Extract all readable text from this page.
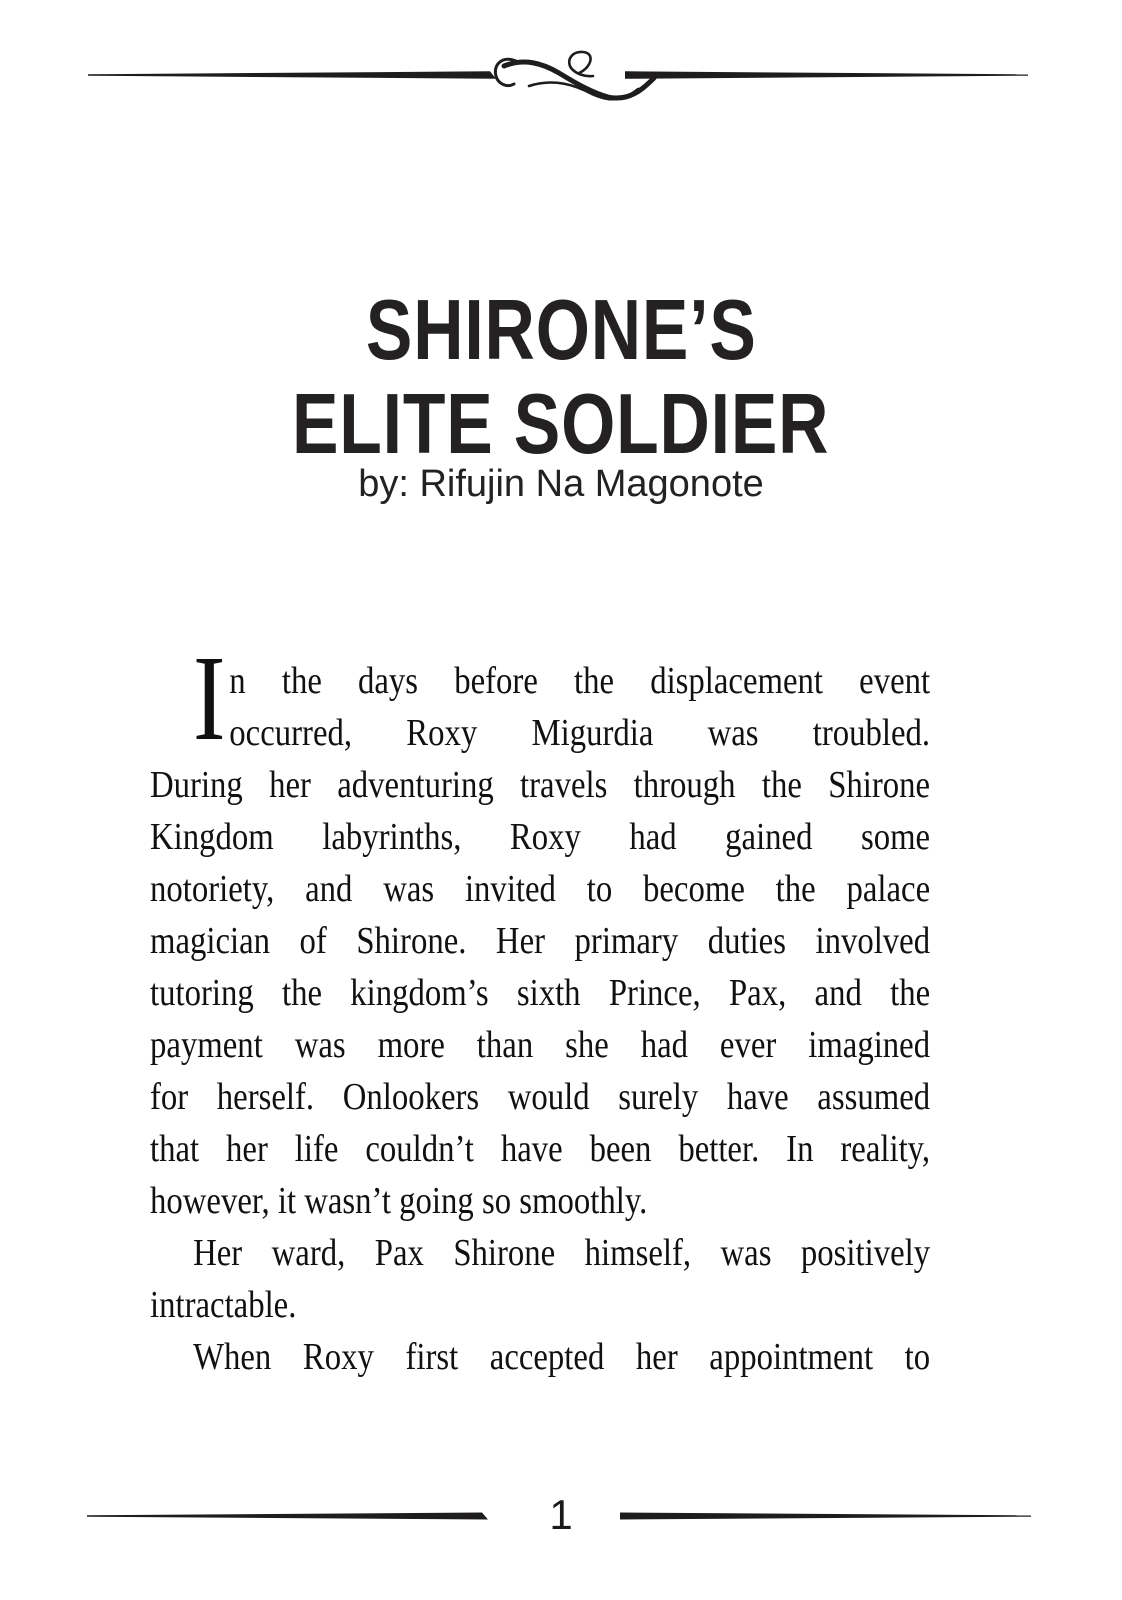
SHIRONE’S
ELITE SOLDIER
by: Rifujin Na Magonote
I n the days before the displacement event
occurred, Roxy Migurdia was troubled.
During her adventuring travels through the Shirone
Kingdom labyrinths, Roxy had gained some
notoriety, and was invited to become the palace
magician of Shirone. Her primary duties involved
tutoring the kingdom’s sixth Prince, Pax, and the
payment was more than she had ever imagined
for herself. Onlookers would surely have assumed
that her life couldn’t have been better. In reality,
however, it wasn’t going so smoothly.
Her ward, Pax Shirone himself, was positively
intractable.
When Roxy first accepted her appointment to
1
